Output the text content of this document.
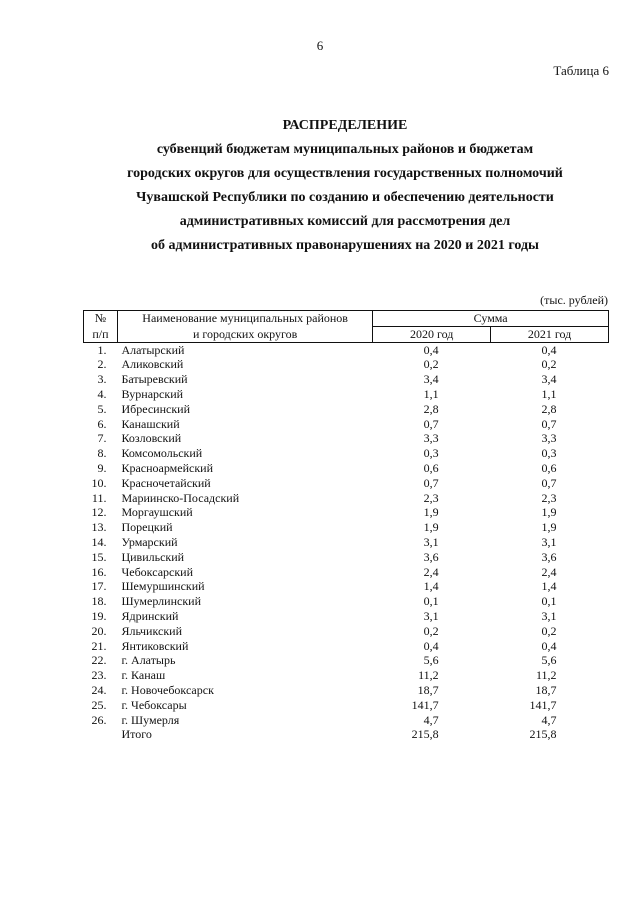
6
Таблица 6
РАСПРЕДЕЛЕНИЕ
субвенций бюджетам муниципальных районов и бюджетам
городских округов для осуществления государственных полномочий
Чувашской Республики по созданию и обеспечению деятельности
административных комиссий для рассмотрения дел
об административных правонарушениях на 2020 и 2021 годы
(тыс. рублей)
№	Наименование муниципальных районов	Сумма	
п/п	и городских округов	2020 год	2021 год
1.	Алатырский	0,4	0,4
2.	Аликовский	0,2	0,2
3.	Батыревский	3,4	3,4
4.	Вурнарский	1,1	1,1
5.	Ибресинский	2,8	2,8
6.	Канашский	0,7	0,7
7.	Козловский	3,3	3,3
8.	Комсомольский	0,3	0,3
9.	Красноармейский	0,6	0,6
10.	Красночетайский	0,7	0,7
11.	Мариинско-Посадский	2,3	2,3
12.	Моргаушский	1,9	1,9
13.	Порецкий	1,9	1,9
14.	Урмарский	3,1	3,1
15.	Цивильский	3,6	3,6
16.	Чебоксарский	2,4	2,4
17.	Шемуршинский	1,4	1,4
18.	Шумерлинский	0,1	0,1
19.	Ядринский	3,1	3,1
20.	Яльчикский	0,2	0,2
21.	Янтиковский	0,4	0,4
22.	г. Алатырь	5,6	5,6
23.	г. Канаш	11,2	11,2
24.	г. Новочебоксарск	18,7	18,7
25.	г. Чебоксары	141,7	141,7
26.	г. Шумерля	4,7	4,7
	Итого	215,8	215,8
